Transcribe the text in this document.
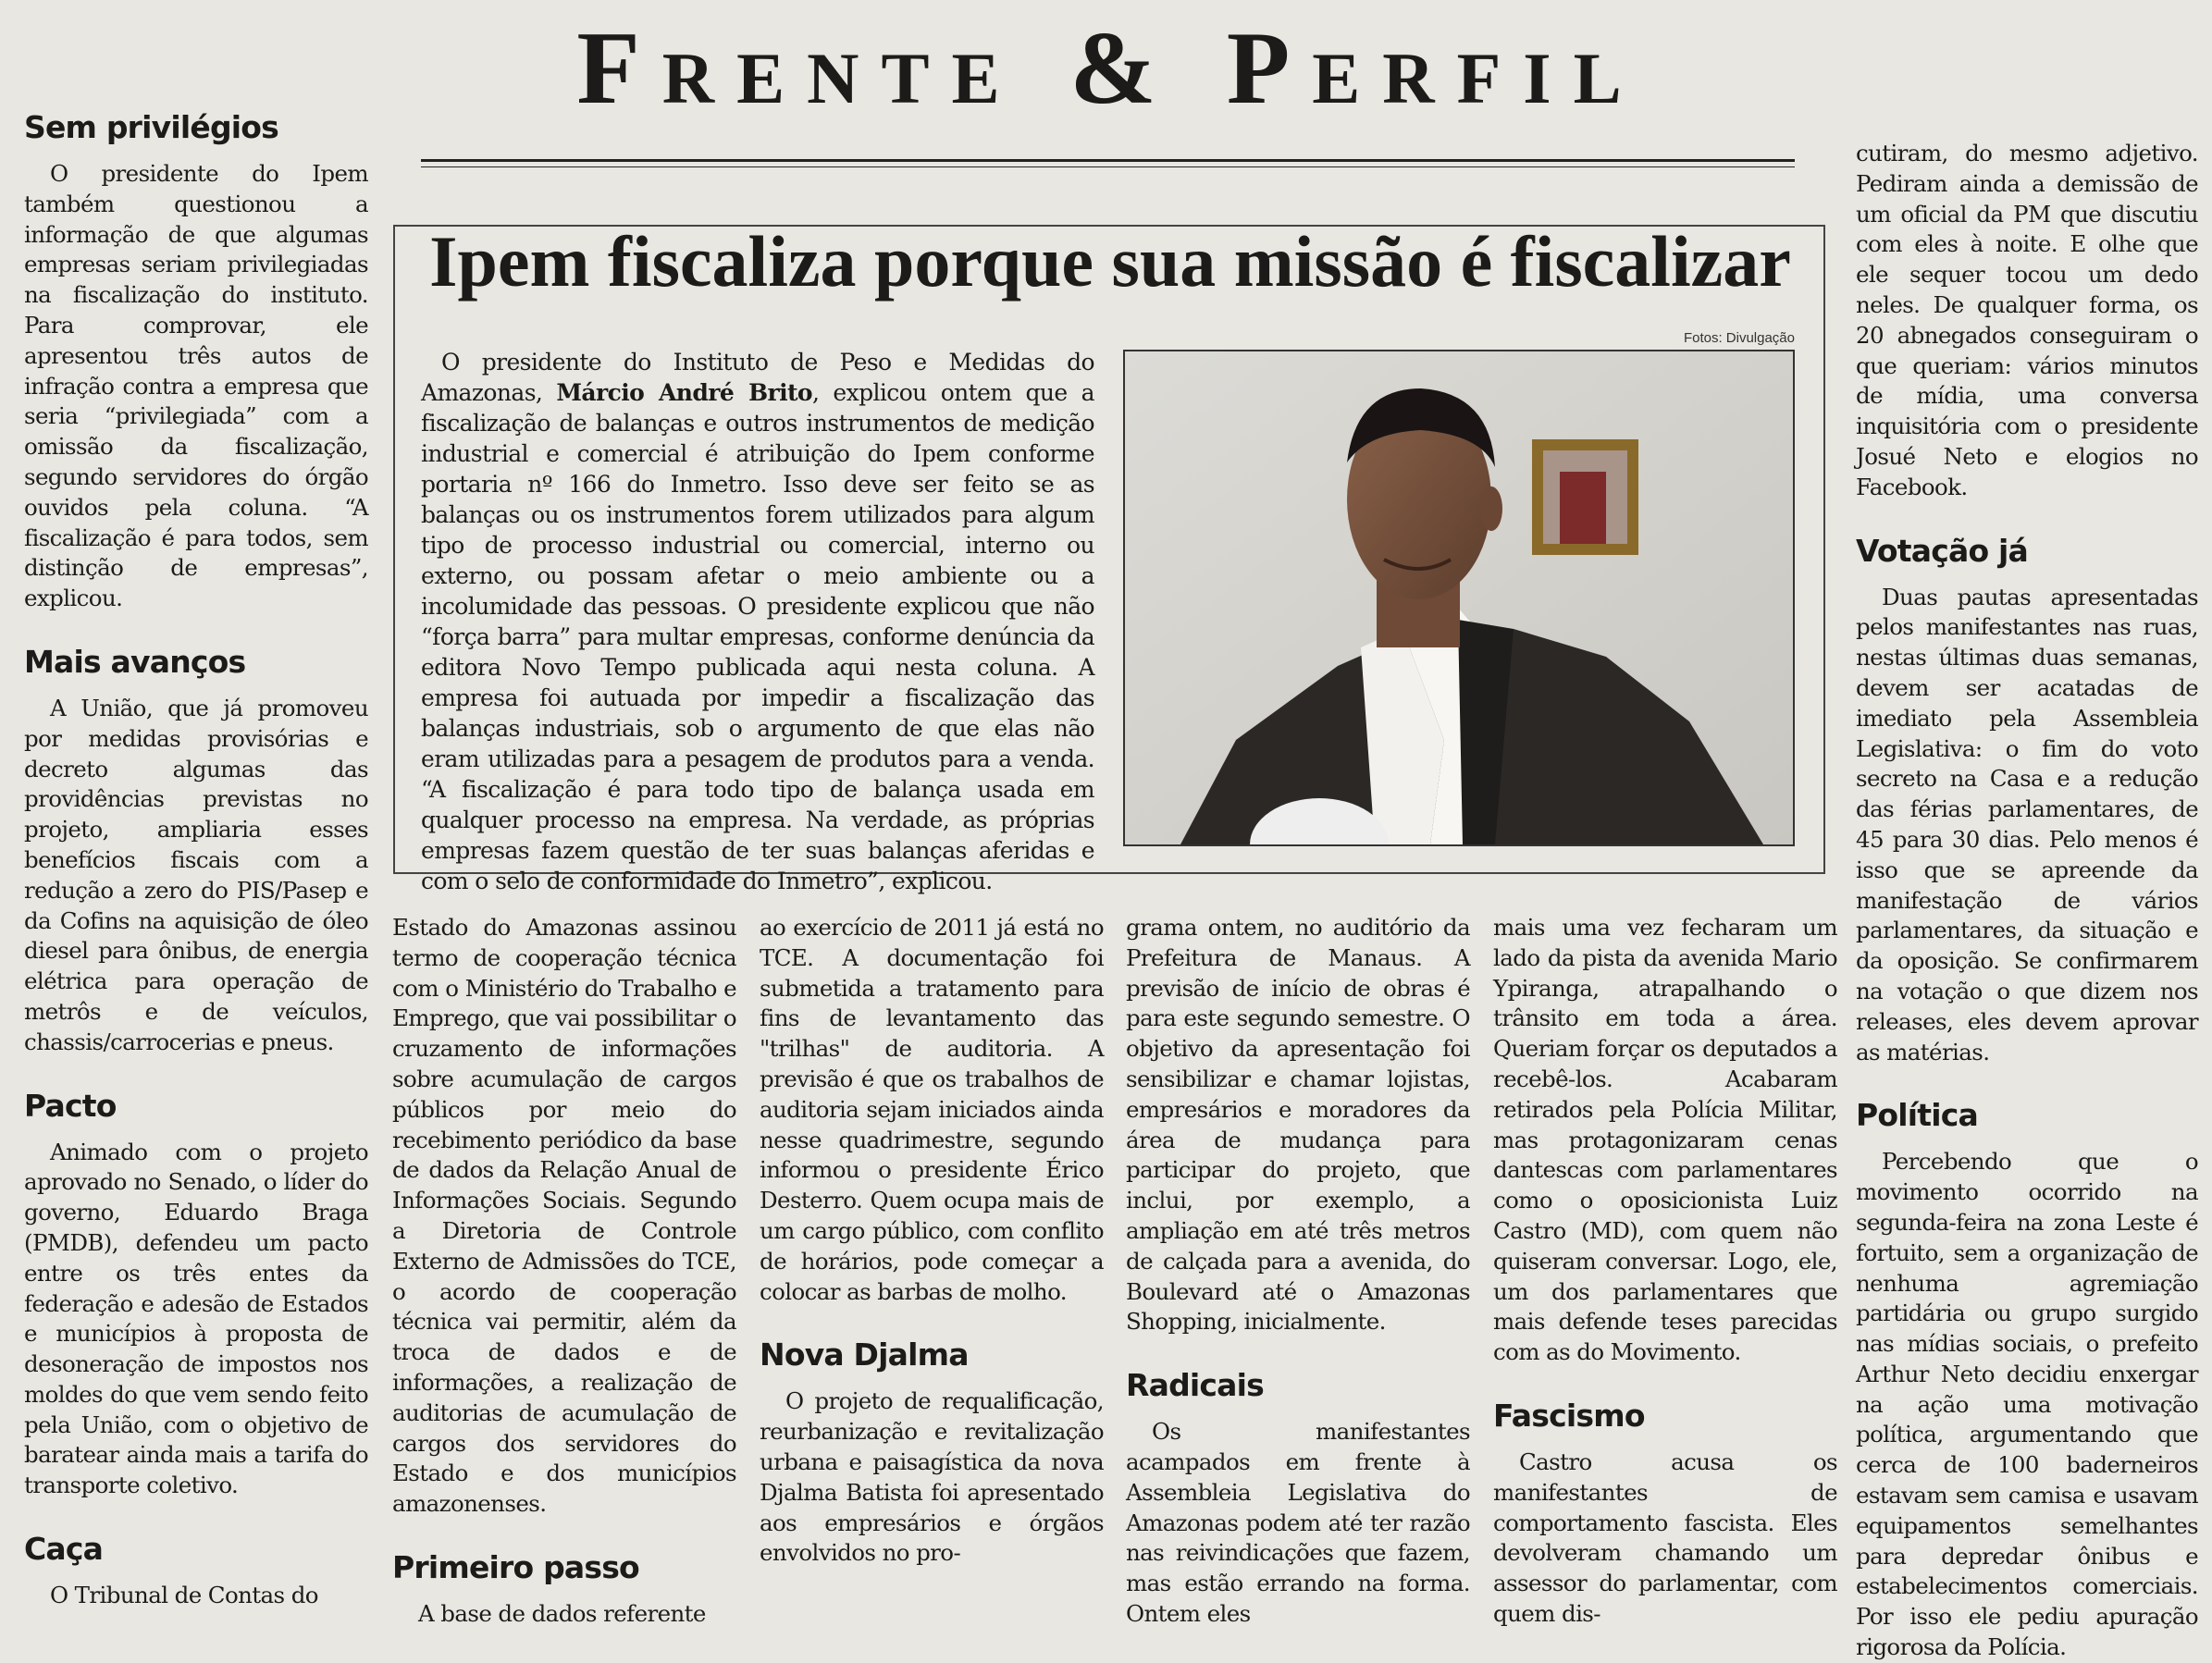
Frente & Perfil
Ipem fiscaliza porque sua missão é fiscalizar
Fotos: Divulgação

O presidente do Instituto de Peso e Medidas do Amazonas, Márcio André Brito, explicou ontem que a fiscalização de balanças e outros instrumentos de medição industrial e comercial é atribuição do Ipem conforme portaria nº 166 do Inmetro. Isso deve ser feito se as balanças ou os instrumentos forem utilizados para algum tipo de processo industrial ou comercial, interno ou externo, ou possam afetar o meio ambiente ou a incolumidade das pessoas. O presidente explicou que não “força barra” para multar empresas, conforme denúncia da editora Novo Tempo publicada aqui nesta coluna. A empresa foi autuada por impedir a fiscalização das balanças industriais, sob o argumento de que elas não eram utilizadas para a pesagem de produtos para a venda. “A fiscalização é para todo tipo de balança usada em qualquer processo na empresa. Na verdade, as próprias empresas fazem questão de ter suas balanças aferidas e com o selo de conformidade do Inmetro”, explicou.

Sem privilégios

O presidente do Ipem também questionou a informação de que algumas empresas seriam privilegiadas na fiscalização do instituto. Para comprovar, ele apresentou três autos de infração contra a empresa que seria “privilegiada” com a omissão da fiscalização, segundo servidores do órgão ouvidos pela coluna. “A fiscalização é para todos, sem distinção de empresas”, explicou.

Mais avanços

A União, que já promoveu por medidas provisórias e decreto algumas das providências previstas no projeto, ampliaria esses benefícios fiscais com a redução a zero do PIS/Pasep e da Cofins na aquisição de óleo diesel para ônibus, de energia elétrica para operação de metrôs e de veículos, chassis/carrocerias e pneus.

Pacto

Animado com o projeto aprovado no Senado, o líder do governo, Eduardo Braga (PMDB), defendeu um pacto entre os três entes da federação e adesão de Estados e municípios à proposta de desoneração de impostos nos moldes do que vem sendo feito pela União, com o objetivo de baratear ainda mais a tarifa do transporte coletivo.

Caça

O Tribunal de Contas do

Estado do Amazonas assinou termo de cooperação técnica com o Ministério do Trabalho e Emprego, que vai possibilitar o cruzamento de informações sobre acumulação de cargos públicos por meio do recebimento periódico da base de dados da Relação Anual de Informações Sociais. Segundo a Diretoria de Controle Externo de Admissões do TCE, o acordo de cooperação técnica vai permitir, além da troca de dados e de informações, a realização de auditorias de acumulação de cargos dos servidores do Estado e dos municípios amazonenses.

Primeiro passo

A base de dados referente

ao exercício de 2011 já está no TCE. A documentação foi submetida a tratamento para fins de levantamento das "trilhas" de auditoria. A previsão é que os trabalhos de auditoria sejam iniciados ainda nesse quadrimestre, segundo informou o presidente Érico Desterro. Quem ocupa mais de um cargo público, com conflito de horários, pode começar a colocar as barbas de molho.

Nova Djalma

O projeto de requalificação, reurbanização e revitalização urbana e paisagística da nova Djalma Batista foi apresentado aos empresários e órgãos envolvidos no pro-

grama ontem, no auditório da Prefeitura de Manaus. A previsão de início de obras é para este segundo semestre. O objetivo da apresentação foi sensibilizar e chamar lojistas, empresários e moradores da área de mudança para participar do projeto, que inclui, por exemplo, a ampliação em até três metros de calçada para a avenida, do Boulevard até o Amazonas Shopping, inicialmente.

Radicais

Os manifestantes acampados em frente à Assembleia Legislativa do Amazonas podem até ter razão nas reivindicações que fazem, mas estão errando na forma. Ontem eles

mais uma vez fecharam um lado da pista da avenida Mario Ypiranga, atrapalhando o trânsito em toda a área. Queriam forçar os deputados a recebê-los. Acabaram retirados pela Polícia Militar, mas protagonizaram cenas dantescas com parlamentares como o oposicionista Luiz Castro (MD), com quem não quiseram conversar. Logo, ele, um dos parlamentares que mais defende teses parecidas com as do Movimento.

Fascismo

Castro acusa os manifestantes de comportamento fascista. Eles devolveram chamando um assessor do parlamentar, com quem dis-

cutiram, do mesmo adjetivo. Pediram ainda a demissão de um oficial da PM que discutiu com eles à noite. E olhe que ele sequer tocou um dedo neles. De qualquer forma, os 20 abnegados conseguiram o que queriam: vários minutos de mídia, uma conversa inquisitória com o presidente Josué Neto e elogios no Facebook.

Votação já

Duas pautas apresentadas pelos manifestantes nas ruas, nestas últimas duas semanas, devem ser acatadas de imediato pela Assembleia Legislativa: o fim do voto secreto na Casa e a redução das férias parlamentares, de 45 para 30 dias. Pelo menos é isso que se apreende da manifestação de vários parlamentares, da situação e da oposição. Se confirmarem na votação o que dizem nos releases, eles devem aprovar as matérias.

Política

Percebendo que o movimento ocorrido na segunda-feira na zona Leste é fortuito, sem a organização de nenhuma agremiação partidária ou grupo surgido nas mídias sociais, o prefeito Arthur Neto decidiu enxergar na ação uma motivação política, argumentando que cerca de 100 baderneiros estavam sem camisa e usavam equipamentos semelhantes para depredar ônibus e estabelecimentos comerciais. Por isso ele pediu apuração rigorosa da Polícia.
